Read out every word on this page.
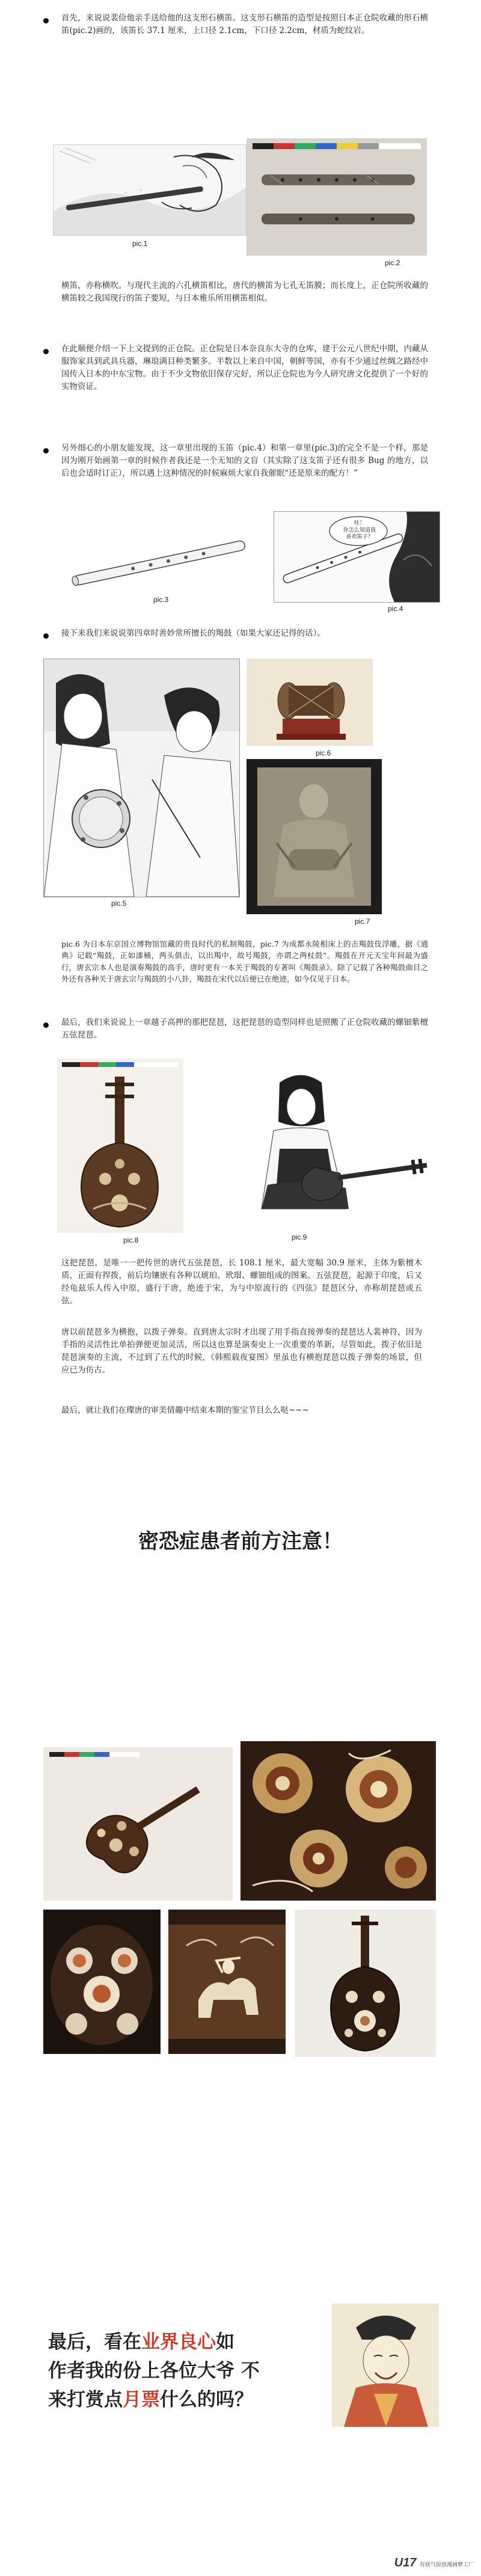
首先，来说说裴俭他亲手送给他的这支形石横笛。这支形石横笛的造型是按照日本正仓院收藏的形石横笛(pic.2)画的，该笛长 37.1 厘米，上口径 2.1cm，下口径 2.2cm，材质为蛇纹岩。
pic.1
pic.2
横笛，亦称横吹。与现代主流的六孔横笛相比，唐代的横笛为七孔无笛膜；而长度上，正仓院所收藏的横笛较之我国现行的笛子要短，与日本雅乐所用横笛相似。
在此顺便介绍一下上文提到的正仓院。正仓院是日本奈良东大寺的仓库，建于公元八世纪中期，内藏从服饰家具到武具兵器，琳琅满目种类繁多。半数以上来自中国，朝鲜等国，亦有不少通过丝绸之路经中国传入日本的中东宝物。由于不少文物依旧保存完好，所以正仓院也为今人研究唐文化提供了一个好的实物资证。
另外细心的小朋友能发现，这一章里出现的玉笛（pic.4）和第一章里(pic.3)的完全不是一个样，那是因为刚开始画第一章的时候作者我还是一个无知的文盲（其实除了这支笛子还有很多 Bug 的地方，以后也会适时订正），所以遇上这种情况的时候麻烦大家自我催眠“还是原来的配方！”
pic.3
哇！
你怎么知道我
喜欢笛子？
pic.4
接下来我们来说说第四章时善妙常所擅长的羯鼓（如果大家还记得的话）。
pic.5
pic.6
pic.7
pic.6 为日本东京国立博物馆馆藏的贵良时代的私制羯鼓，pic.7 为成都永陵相床上的击羯鼓伎浮雕，据《通典》记载“羯鼓，正如漆桶，两头俱击，以出羯中，故号羯鼓，亦谓之两杖鼓”。羯鼓在开元天宝年间最为盛行，唐玄宗本人也是演奏羯鼓的高手，唐时更有一本关于羯鼓的专著叫《羯鼓录》。除了记载了各种羯鼓曲目之外还有各种关于唐玄宗与羯鼓的小八卦，羯鼓在宋代以后便已在绝迹，如今仅见于日本。
最后，我们来说说上一章越子高押的那把琵琶，这把琵琶的造型同样也是照搬了正仓院收藏的螺钿紫檀五弦琵琶。
pic.8	pic.9
这把琵琶，是唯一一把传世的唐代五弦琵琶，长 108.1 厘米，最大宽幅 30.9 厘米，主体为紫檀木质，正面有捍拨，前后均镶嵌有各种以琥珀、玳瑁、螺钿组成的图案。五弦琵琶，起源于印度，后又经龟兹乐人传入中原，盛行于唐，绝迹于宋，为与中原流行的《四弦》琵琶区分，亦称胡琵琶或五弦。
唐以前琵琶多为横抱，以拨子弹奏。直到唐太宗时才出现了用手指直接弹奏的琵琶达人裴神符，因为手指的灵活性比单拍弹便更加灵活，所以这也算是演奏史上一次重要的革新，尽管如此，拨子依旧是琵琶演奏的主流，不过到了五代的时候，《韩熙载夜宴图》里虽也有横抱琵琶以拨子弹奏的场景，但应已为仿古。
最后，就让我们在璨唐的审美情趣中结束本期的鉴宝节目么么哒~~~
密恐症患者前方注意！
最后，看在业界良心如
作者我的份上各位大爷 不
来打赏点月票什么的吗？
U17 有妖气原创漫画梦工厂
